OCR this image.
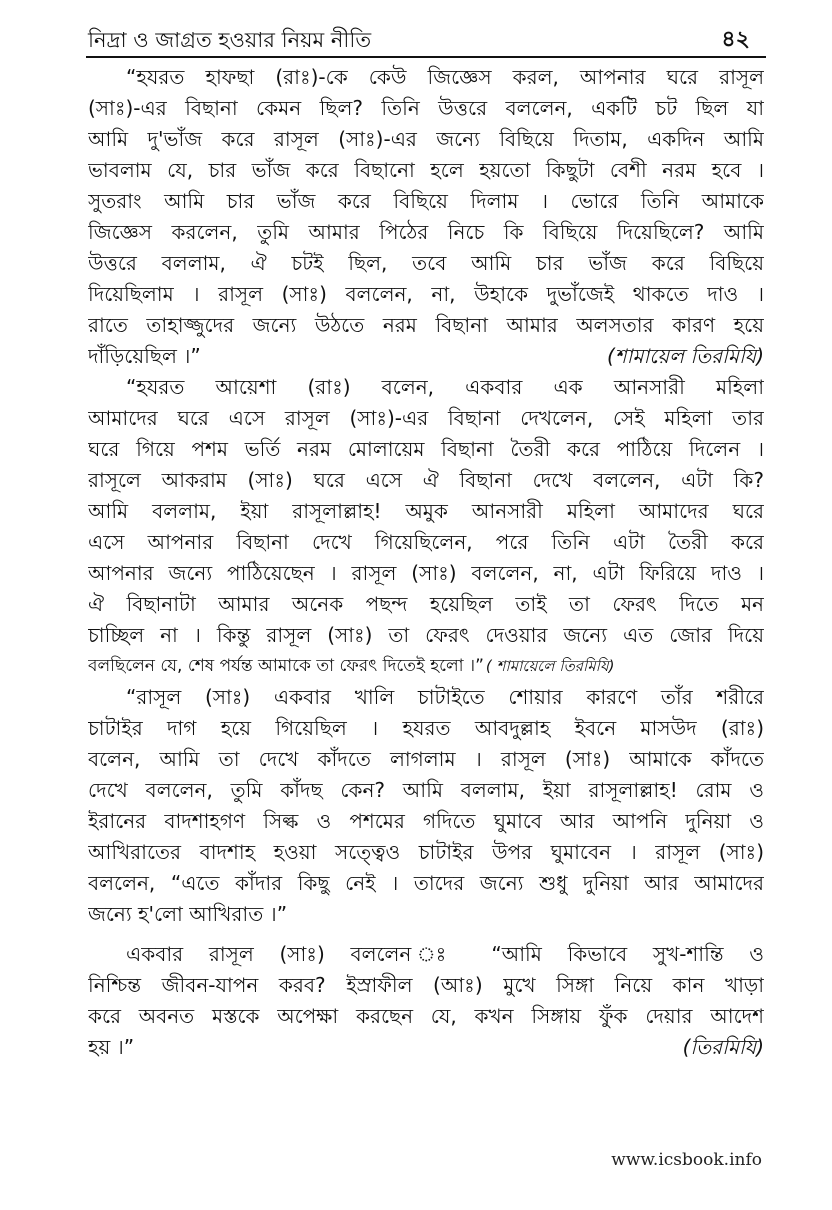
নিদ্রা ও জাগ্রত হওয়ার নিয়ম নীতি	৪২
“হযরত হাফছা (রাঃ)-কে কেউ জিজ্ঞেস করল, আপনার ঘরে রাসূল
(সাঃ)-এর বিছানা কেমন ছিল? তিনি উত্তরে বললেন, একটি চট ছিল যা
আমি দু'ভাঁজ করে রাসূল (সাঃ)-এর জন্যে বিছিয়ে দিতাম, একদিন আমি
ভাবলাম যে, চার ভাঁজ করে বিছানো হলে হয়তো কিছুটা বেশী নরম হবে ।
সুতরাং আমি চার ভাঁজ করে বিছিয়ে দিলাম । ভোরে তিনি আমাকে
জিজ্ঞেস করলেন, তুমি আমার পিঠের নিচে কি বিছিয়ে দিয়েছিলে? আমি
উত্তরে বললাম, ঐ চটই ছিল, তবে আমি চার ভাঁজ করে বিছিয়ে
দিয়েছিলাম । রাসূল (সাঃ) বললেন, না, উহাকে দুভাঁজেই থাকতে দাও ।
রাতে তাহাজ্জুদের জন্যে উঠতে নরম বিছানা আমার অলসতার কারণ হয়ে
(শামায়েল তিরমিযি)
দাঁড়িয়েছিল ।”
“হযরত আয়েশা (রাঃ) বলেন, একবার এক আনসারী মহিলা
আমাদের ঘরে এসে রাসূল (সাঃ)-এর বিছানা দেখলেন, সেই মহিলা তার
ঘরে গিয়ে পশম ভর্তি নরম মোলায়েম বিছানা তৈরী করে পাঠিয়ে দিলেন ।
রাসূলে আকরাম (সাঃ) ঘরে এসে ঐ বিছানা দেখে বললেন, এটা কি?
আমি বললাম, ইয়া রাসূলাল্লাহ! অমুক আনসারী মহিলা আমাদের ঘরে
এসে আপনার বিছানা দেখে গিয়েছিলেন, পরে তিনি এটা তৈরী করে
আপনার জন্যে পাঠিয়েছেন । রাসূল (সাঃ) বললেন, না, এটা ফিরিয়ে দাও ।
ঐ বিছানাটা আমার অনেক পছন্দ হয়েছিল তাই তা ফেরৎ দিতে মন
চাচ্ছিল না । কিন্তু রাসূল (সাঃ) তা ফেরৎ দেওয়ার জন্যে এত জোর দিয়ে
বলছিলেন যে, শেষ পর্যন্ত আমাকে তা ফেরৎ দিতেই হলো ।” ( শামায়েলে তিরমিযি)
“রাসূল (সাঃ) একবার খালি চাটাইতে শোয়ার কারণে তাঁর শরীরে
চাটাইর দাগ হয়ে গিয়েছিল । হযরত আবদুল্লাহ ইবনে মাসউদ (রাঃ)
বলেন, আমি তা দেখে কাঁদতে লাগলাম । রাসূল (সাঃ) আমাকে কাঁদতে
দেখে বললেন, তুমি কাঁদছ কেন? আমি বললাম, ইয়া রাসূলাল্লাহ! রোম ও
ইরানের বাদশাহগণ সিল্ক ও পশমের গদিতে ঘুমাবে আর আপনি দুনিয়া ও
আখিরাতের বাদশাহ হওয়া সত্ত্বেও চাটাইর উপর ঘুমাবেন । রাসূল (সাঃ)
বললেন, “এতে কাঁদার কিছু নেই । তাদের জন্যে শুধু দুনিয়া আর আমাদের
জন্যে হ'লো আখিরাত ।”
একবার রাসূল (সাঃ) বললেন ঃ “আমি কিভাবে সুখ-শান্তি ও
নিশ্চিন্ত জীবন-যাপন করব? ইস্রাফীল (আঃ) মুখে সিঙ্গা নিয়ে কান খাড়া
করে অবনত মস্তকে অপেক্ষা করছেন যে, কখন সিঙ্গায় ফুঁক দেয়ার আদেশ
(তিরমিযি)
হয় ।”
www.icsbook.info
